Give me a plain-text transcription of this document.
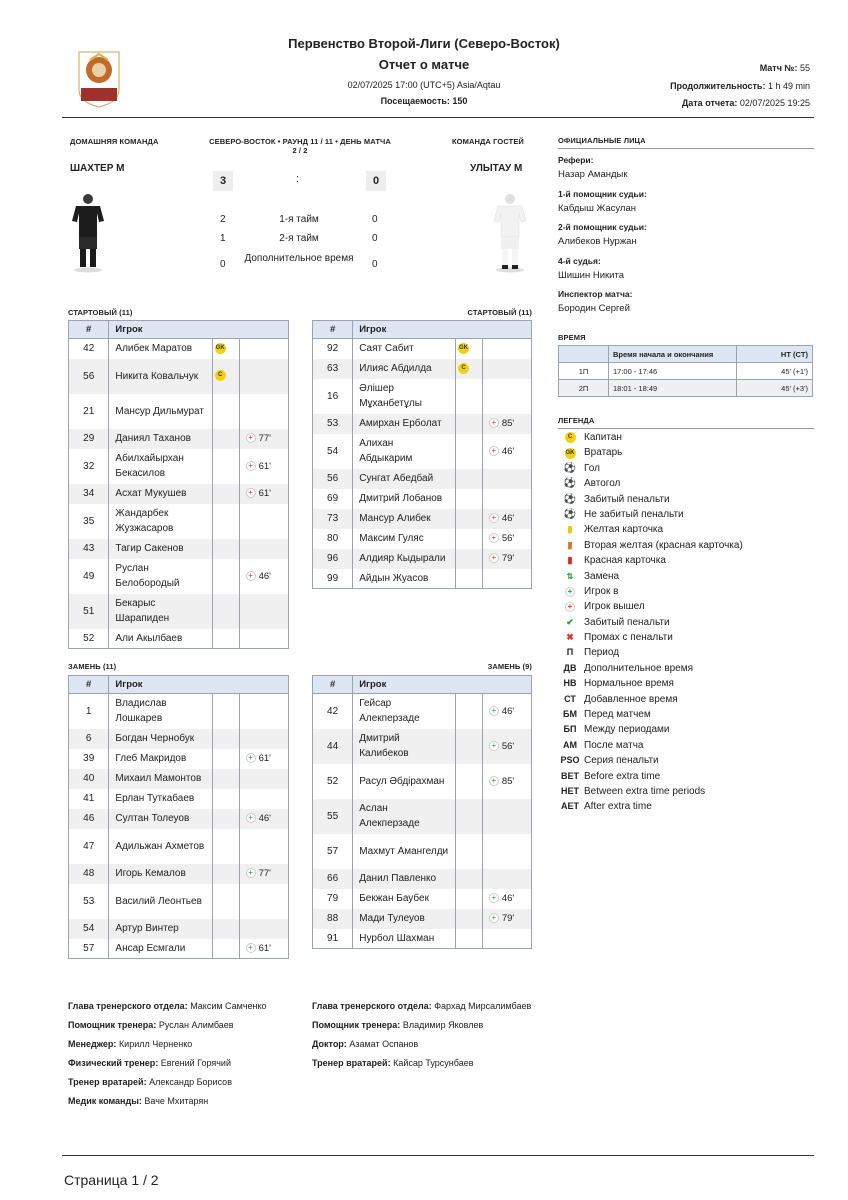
Первенство Второй-Лиги (Северо-Восток)
Отчет о матче
02/07/2025 17:00 (UTC+5) Asia/Aqtau
Посещаемость: 150
Матч №: 55
Продолжительность: 1 h 49 min
Дата отчета: 02/07/2025 19:25
ДОМАШНЯЯ КОМАНДА	СЕВЕРО-ВОСТОК • РАУНД 11 / 11 • ДЕНЬ МАТЧА
2 / 2
КОМАНДА ГОСТЕЙ
ШАХТЕР М	УЛЫТАУ М
3	:	0
2	1-я тайм	0
1	2-я тайм	0
0	0
Дополнительное время
СТАРТОВЫЙ (11)	СТАРТОВЫЙ (11)
ЗАМЕНЬ (11)	ЗАМЕНЬ (9)
#	Игрок		
42	Алибек Маратов	GK	
56	Никита Ковальчук	C	
21	Мансур Дильмурат		
29	Даниял Таханов		+ 77'
32	Абилхайырхан Бекасилов		+ 61'
34	Асхат Мукушев		+ 61'
35	Жандарбек Жузжасаров		
43	Тагир Сакенов		
49	Руслан Белобородый		+ 46'
51	Бекарыс Шарапиден		
52	Али Акылбаев		
#	Игрок		
92	Саят Сабит	GK	
63	Илияс Абдилда	C	
16	Әлішер Мұханбетұлы		
53	Амирхан Ерболат		+ 85'
54	Алихан Абдыкарим		+ 46'
56	Сунгат Абедбай		
69	Дмитрий Лобанов		
73	Мансур Алибек		+ 46'
80	Максим Гуляс		+ 56'
96	Алдияр Кыдырали		+ 79'
99	Айдын Жуасов		
#	Игрок		
1	Владислав Лошкарев		
6	Богдан Чернобук		
39	Глеб Макридов		+ 61'
40	Михаил Мамонтов		
41	Ерлан Туткабаев		
46	Султан Толеуов		+ 46'
47	Адильжан Ахметов		
48	Игорь Кемалов		+ 77'
53	Василий Леонтьев		
54	Артур Винтер		
57	Ансар Есмгали		+ 61'
#	Игрок		
42	Гейсар Алекперзаде		+ 46'
44	Дмитрий Калибеков		+ 56'
52	Расул Әбдірахман		+ 85'
55	Аслан Алекперзаде		
57	Махмут Амангелди		
66	Данил Павленко		
79	Бекжан Баубек		+ 46'
88	Мади Тулеуов		+ 79'
91	Нурбол Шахман		
ОФИЦИАЛЬНЫЕ ЛИЦА
Рефери:
Назар Амандык
1-й помощник судьи:
Кабдыш Жасулан
2-й помощник судьи:
Алибеков Нуржан
4-й судья:
Шишин Никита
Инспектор матча:
Бородин Сергей
ВРЕМЯ
	Время начала и окончания	HT (CT)
1П	17:00 - 17:46	45' (+1')
2П	18:01 - 18:49	45' (+3')
ЛЕГЕНДА
C	Капитан
GK Вратарь
⚽ Гол
⚽ Автогол
⚽ Забитый пенальти
⚽ Не забитый пенальти
▮	Желтая карточка
▮	Вторая желтая (красная карточка)
▮	Красная карточка
⇅	Замена
+ Игрок в
+ Игрок вышел
✔	Забитый пенальти
✖	Промах с пенальти
П	Период
ДВ Дополнительное время
НВ Нормальное время
СТ Добавленное время
БМ Перед матчем
БП Между периодами
АМ После матча
PSO Серия пенальти
BET Before extra time
HET Between extra time periods
AET After extra time
Глава тренерского отдела: Максим Самченко
Помощник тренера: Руслан Алимбаев
Менеджер: Кирилл Черненко
Физический тренер: Евгений Горячий
Тренер вратарей: Александр Борисов
Медик команды: Ваче Мхитарян
Глава тренерского отдела: Фархад Мирсалимбаев
Помощник тренера: Владимир Яковлев
Доктор: Азамат Оспанов
Тренер вратарей: Кайсар Турсунбаев
Страница 1 / 2
